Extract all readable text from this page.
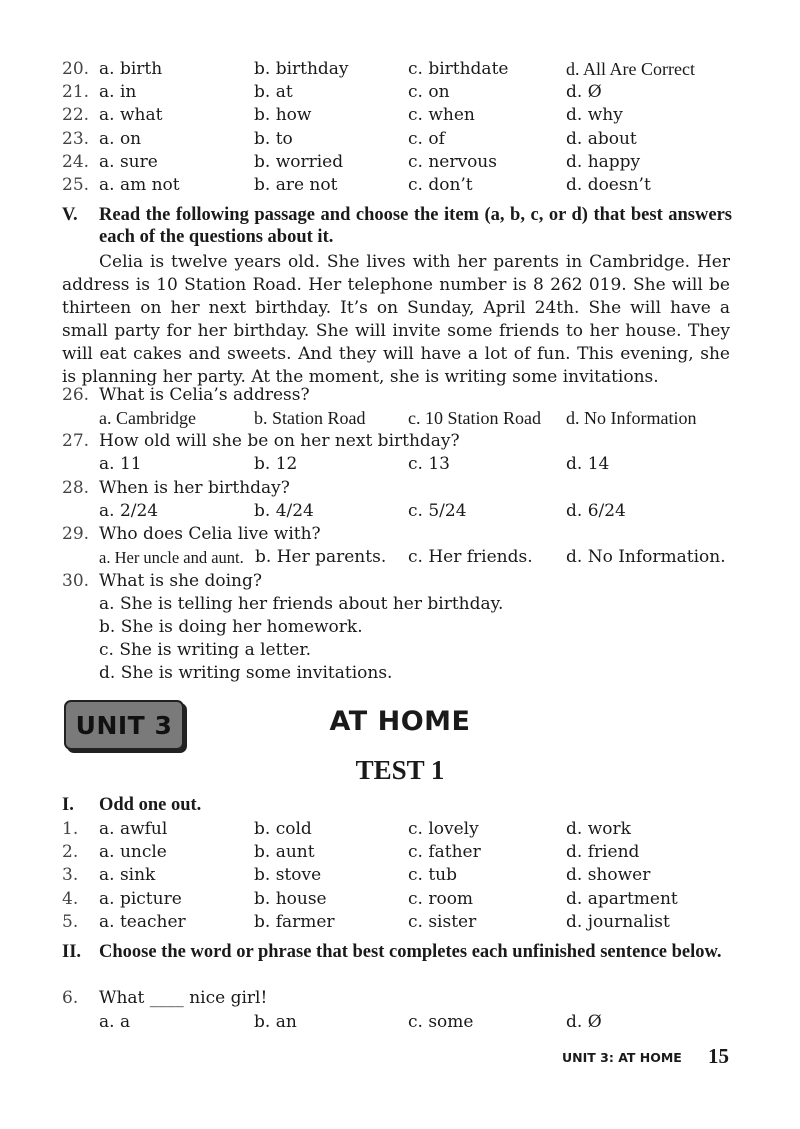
20. a. birth	b. birthday	c. birthdate	d. All Are Correct
21. a. in	b. at	c. on	d. Ø
22. a. what	b. how	c. when	d. why
23. a. on	b. to	c. of	d. about
24. a. sure	b. worried	c. nervous	d. happy
25. a. am not	b. are not	c. don’t	d. doesn’t
V. Read the following passage and choose the item (a, b, c, or d) that best answers each of the questions about it.

Celia is twelve years old. She lives with her parents in Cambridge. Her address is 10 Station Road. Her telephone number is 8 262 019. She will be thirteen on her next birthday. It’s on Sunday, April 24th. She will have a small party for her birthday. She will invite some friends to her house. They will eat cakes and sweets. And they will have a lot of fun. This evening, she is planning her party. At the moment, she is writing some invitations.

26. What is Celia’s address?
a. Cambridge	b. Station Road c. 10 Station Road d. No Information
27. How old will she be on her next birthday?
a. 11	b. 12	c. 13	d. 14
28. When is her birthday?
a. 2/24	b. 4/24	c. 5/24	d. 6/24
29. Who does Celia live with?
a. Her uncle and aunt. b. Her parents. c. Her friends. d. No Information.
30. What is she doing?
a. She is telling her friends about her birthday.
b. She is doing her homework.
c. She is writing a letter.
d. She is writing some invitations.
UNIT 3	AT HOME
TEST 1
I. Odd one out.
1. a. awful	b. cold	c. lovely	d. work
2. a. uncle	b. aunt	c. father	d. friend
3. a. sink	b. stove	c. tub	d. shower
4. a. picture	b. house	c. room	d. apartment
5. a. teacher	b. farmer	c. sister	d. journalist
II. Choose the word or phrase that best completes each unfinished sentence below.
6. What ____ nice girl!
a. a	b. an	c. some	d. Ø
UNIT 3: AT HOME 15
